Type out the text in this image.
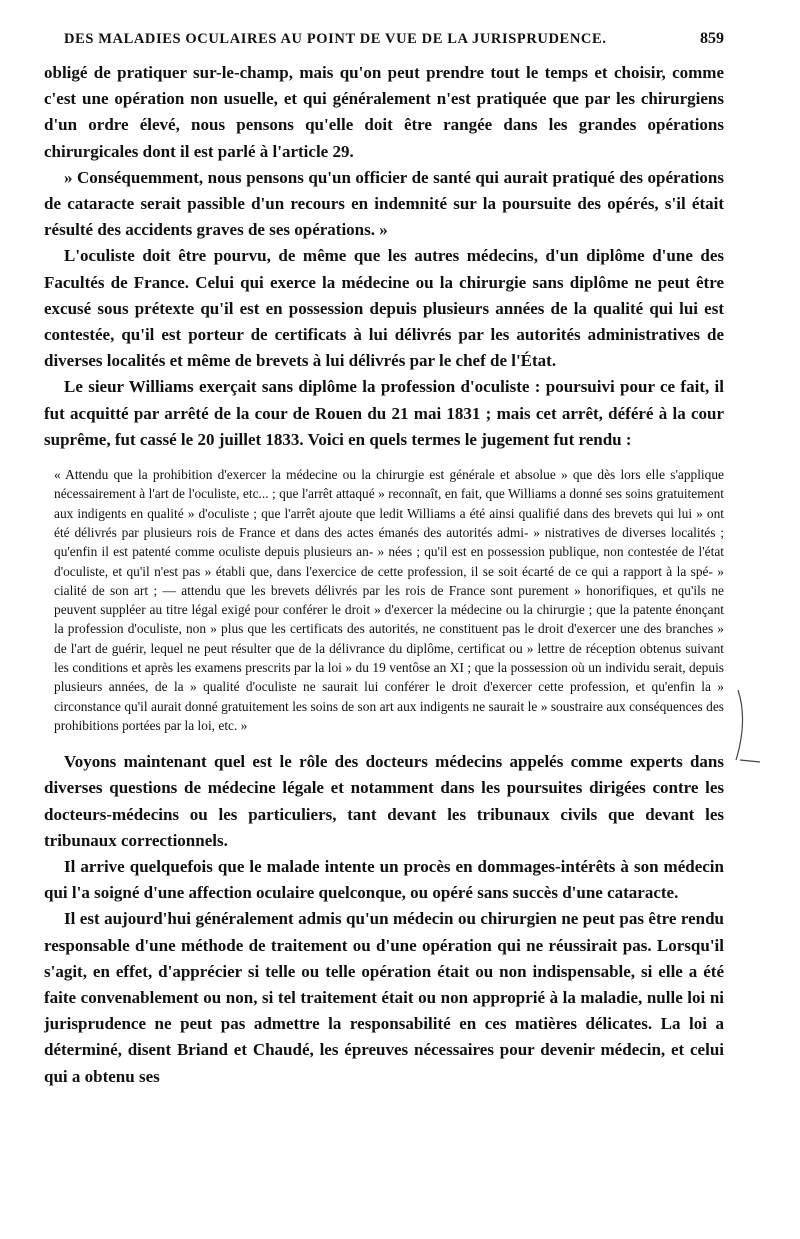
DES MALADIES OCULAIRES AU POINT DE VUE DE LA JURISPRUDENCE.	859

obligé de pratiquer sur-le-champ, mais qu'on peut prendre tout le temps et choisir, comme c'est une opération non usuelle, et qui généralement n'est pratiquée que par les chirurgiens d'un ordre élevé, nous pensons qu'elle doit être rangée dans les grandes opérations chirurgicales dont il est parlé à l'article 29.

» Conséquemment, nous pensons qu'un officier de santé qui aurait pratiqué des opérations de cataracte serait passible d'un recours en indemnité sur la poursuite des opérés, s'il était résulté des accidents graves de ses opérations. »

L'oculiste doit être pourvu, de même que les autres médecins, d'un diplôme d'une des Facultés de France. Celui qui exerce la médecine ou la chirurgie sans diplôme ne peut être excusé sous prétexte qu'il est en possession depuis plusieurs années de la qualité qui lui est contestée, qu'il est porteur de certificats à lui délivrés par les autorités administratives de diverses localités et même de brevets à lui délivrés par le chef de l'État.

Le sieur Williams exerçait sans diplôme la profession d'oculiste : poursuivi pour ce fait, il fut acquitté par arrêté de la cour de Rouen du 21 mai 1831 ; mais cet arrêt, déféré à la cour suprême, fut cassé le 20 juillet 1833. Voici en quels termes le jugement fut rendu :

« Attendu que la prohibition d'exercer la médecine ou la chirurgie est générale et absolue » que dès lors elle s'applique nécessairement à l'art de l'oculiste, etc... ; que l'arrêt attaqué » reconnaît, en fait, que Williams a donné ses soins gratuitement aux indigents en qualité » d'oculiste ; que l'arrêt ajoute que ledit Williams a été ainsi qualifié dans des brevets qui lui » ont été délivrés par plusieurs rois de France et dans des actes émanés des autorités admi- » nistratives de diverses localités ; qu'enfin il est patenté comme oculiste depuis plusieurs an- » nées ; qu'il est en possession publique, non contestée de l'état d'oculiste, et qu'il n'est pas » établi que, dans l'exercice de cette profession, il se soit écarté de ce qui a rapport à la spé- » cialité de son art ; — attendu que les brevets délivrés par les rois de France sont purement » honorifiques, et qu'ils ne peuvent suppléer au titre légal exigé pour conférer le droit » d'exercer la médecine ou la chirurgie ; que la patente énonçant la profession d'oculiste, non » plus que les certificats des autorités, ne constituent pas le droit d'exercer une des branches » de l'art de guérir, lequel ne peut résulter que de la délivrance du diplôme, certificat ou » lettre de réception obtenus suivant les conditions et après les examens prescrits par la loi » du 19 ventôse an XI ; que la possession où un individu serait, depuis plusieurs années, de la » qualité d'oculiste ne saurait lui conférer le droit d'exercer cette profession, et qu'enfin la » circonstance qu'il aurait donné gratuitement les soins de son art aux indigents ne saurait le » soustraire aux conséquences des prohibitions portées par la loi, etc. »

Voyons maintenant quel est le rôle des docteurs médecins appelés comme experts dans diverses questions de médecine légale et notamment dans les poursuites dirigées contre les docteurs-médecins ou les particuliers, tant devant les tribunaux civils que devant les tribunaux correctionnels.

Il arrive quelquefois que le malade intente un procès en dommages-intérêts à son médecin qui l'a soigné d'une affection oculaire quelconque, ou opéré sans succès d'une cataracte.

Il est aujourd'hui généralement admis qu'un médecin ou chirurgien ne peut pas être rendu responsable d'une méthode de traitement ou d'une opération qui ne réussirait pas. Lorsqu'il s'agit, en effet, d'apprécier si telle ou telle opération était ou non indispensable, si elle a été faite convenablement ou non, si tel traitement était ou non approprié à la maladie, nulle loi ni jurisprudence ne peut pas admettre la responsabilité en ces matières délicates. La loi a déterminé, disent Briand et Chaudé, les épreuves nécessaires pour devenir médecin, et celui qui a obtenu ses
